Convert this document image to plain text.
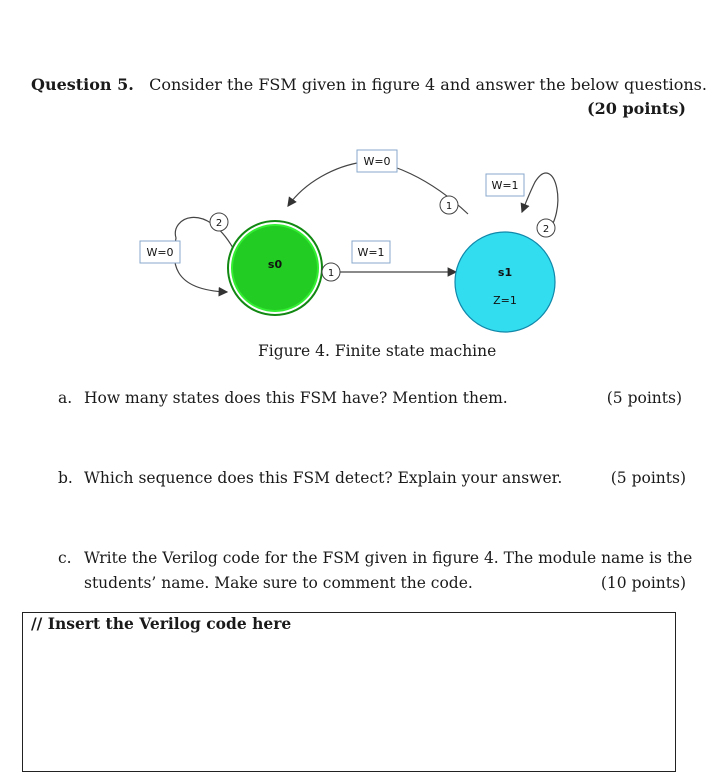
Question 5. Consider the FSM given in figure 4 and answer the below questions.
(20 points)
s0
s1
Z=1
W=0
W=1
W=0	W=1
2
1
1
2
Figure 4. Finite state machine
a. How many states does this FSM have? Mention them.	(5 points)
b. Which sequence does this FSM detect? Explain your answer.	(5 points)
c. Write the Verilog code for the FSM given in figure 4. The module name is the
students’ name. Make sure to comment the code.	(10 points)
// Insert the Verilog code here
